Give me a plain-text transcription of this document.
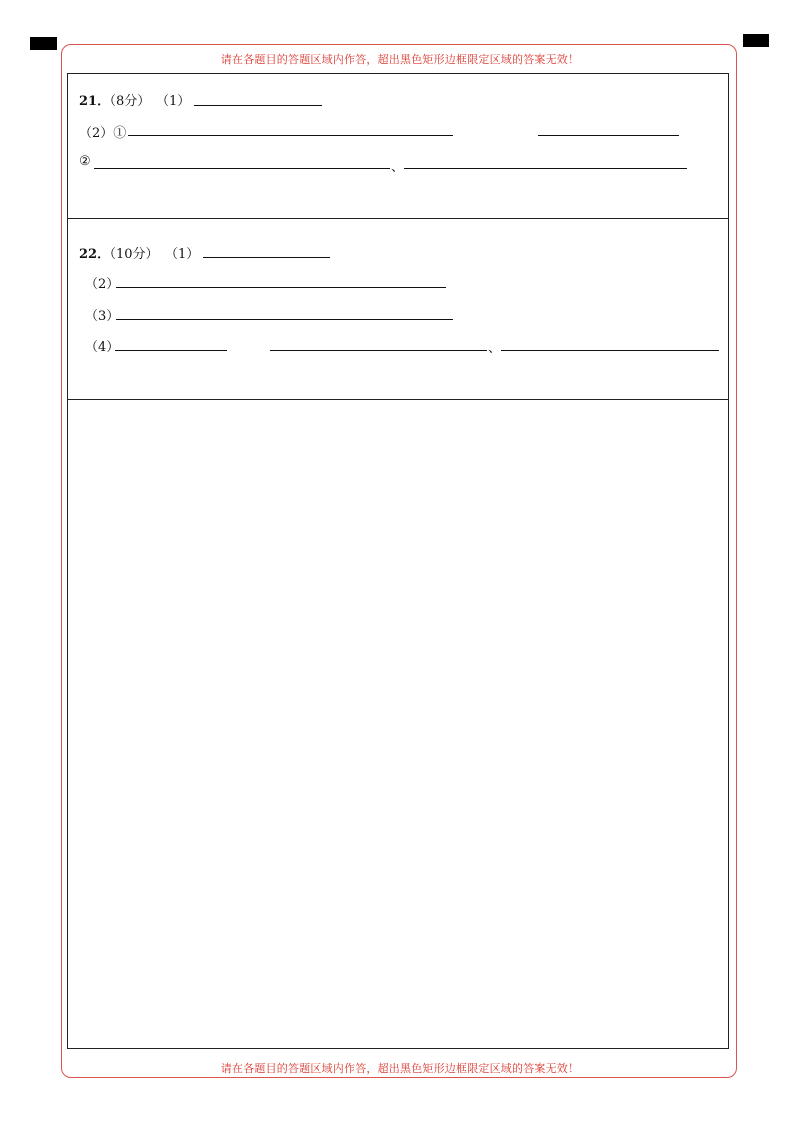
请在各题目的答题区域内作答，超出黑色矩形边框限定区域的答案无效！
请在各题目的答题区域内作答，超出黑色矩形边框限定区域的答案无效！
21．
（8分） （1）
（2）①
②	、
22．
（10分） （1）
（2）
（3）
（4）	、
